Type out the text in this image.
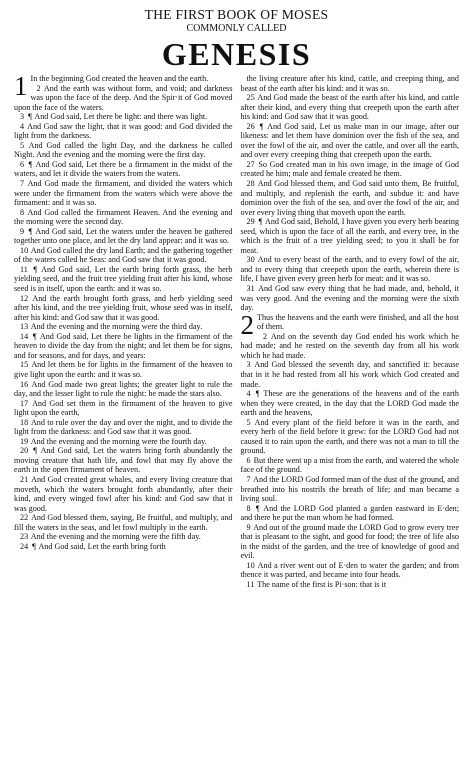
THE FIRST BOOK OF MOSES
COMMONLY CALLED
GENESIS

1 In the beginning God created the heaven and the earth.

2 And the earth was without form, and void; and darkness was upon the face of the deep. And the Spir·it of God moved upon the face of the waters.

3 ¶ And God said, Let there be light: and there was light.

4 And God saw the light, that it was good: and God divided the light from the darkness.

5 And God called the light Day, and the darkness he called Night. And the evening and the morning were the first day.

6 ¶ And God said, Let there be a firmament in the midst of the waters, and let it divide the waters from the waters.

7 And God made the firmament, and divided the waters which were under the firmament from the waters which were above the firmament: and it was so.

8 And God called the firmament Heaven. And the evening and the morning were the second day.

9 ¶ And God said, Let the waters under the heaven be gathered together unto one place, and let the dry land appear: and it was so.

10 And God called the dry land Earth; and the gathering together of the waters called he Seas: and God saw that it was good.

11 ¶ And God said, Let the earth bring forth grass, the herb yielding seed, and the fruit tree yielding fruit after his kind, whose seed is in itself, upon the earth: and it was so.

12 And the earth brought forth grass, and herb yielding seed after his kind, and the tree yielding fruit, whose seed was in itself, after his kind: and God saw that it was good.

13 And the evening and the morning were the third day.

14 ¶ And God said, Let there be lights in the firmament of the heaven to divide the day from the night; and let them be for signs, and for seasons, and for days, and years:

15 And let them be for lights in the firmament of the heaven to give light upon the earth: and it was so.

16 And God made two great lights; the greater light to rule the day, and the lesser light to rule the night: he made the stars also.

17 And God set them in the firmament of the heaven to give light upon the earth,

18 And to rule over the day and over the night, and to divide the light from the darkness: and God saw that it was good.

19 And the evening and the morning were the fourth day.

20 ¶ And God said, Let the waters bring forth abundantly the moving creature that hath life, and fowl that may fly above the earth in the open firmament of heaven.

21 And God created great whales, and every living creature that moveth, which the waters brought forth abundantly, after their kind, and every winged fowl after his kind: and God saw that it was good.

22 And God blessed them, saying, Be fruitful, and multiply, and fill the waters in the seas, and let fowl multiply in the earth.

23 And the evening and the morning were the fifth day.

24 ¶ And God said, Let the earth bring forth

the living creature after his kind, cattle, and creeping thing, and beast of the earth after his kind: and it was so.

25 And God made the beast of the earth after his kind, and cattle after their kind, and every thing that creepeth upon the earth after his kind: and God saw that it was good.

26 ¶ And God said, Let us make man in our image, after our likeness: and let them have dominion over the fish of the sea, and over the fowl of the air, and over the cattle, and over all the earth, and over every creeping thing that creepeth upon the earth.

27 So God created man in his own image, in the image of God created he him; male and female created he them.

28 And God blessed them, and God said unto them, Be fruitful, and multiply, and replenish the earth, and subdue it: and have dominion over the fish of the sea, and over the fowl of the air, and over every living thing that moveth upon the earth.

29 ¶ And God said, Behold, I have given you every herb bearing seed, which is upon the face of all the earth, and every tree, in the which is the fruit of a tree yielding seed; to you it shall be for meat.

30 And to every beast of the earth, and to every fowl of the air, and to every thing that creepeth upon the earth, wherein there is life, I have given every green herb for meat: and it was so.

31 And God saw every thing that he had made, and, behold, it was very good. And the evening and the morning were the sixth day.

2 Thus the heavens and the earth were finished, and all the host of them.

2 And on the seventh day God ended his work which he had made; and he rested on the seventh day from all his work which he had made.

3 And God blessed the seventh day, and sanctified it: because that in it he had rested from all his work which God created and made.

4 ¶ These are the generations of the heavens and of the earth when they were created, in the day that the LORD God made the earth and the heavens,

5 And every plant of the field before it was in the earth, and every herb of the field before it grew: for the LORD God had not caused it to rain upon the earth, and there was not a man to till the ground.

6 But there went up a mist from the earth, and watered the whole face of the ground.

7 And the LORD God formed man of the dust of the ground, and breathed into his nostrils the breath of life; and man became a living soul.

8 ¶ And the LORD God planted a garden eastward in E·den; and there he put the man whom he had formed.

9 And out of the ground made the LORD God to grow every tree that is pleasant to the sight, and good for food; the tree of life also in the midst of the garden, and the tree of knowledge of good and evil.

10 And a river went out of E·den to water the garden; and from thence it was parted, and became into four heads.

11 The name of the first is Pi·son: that is it
